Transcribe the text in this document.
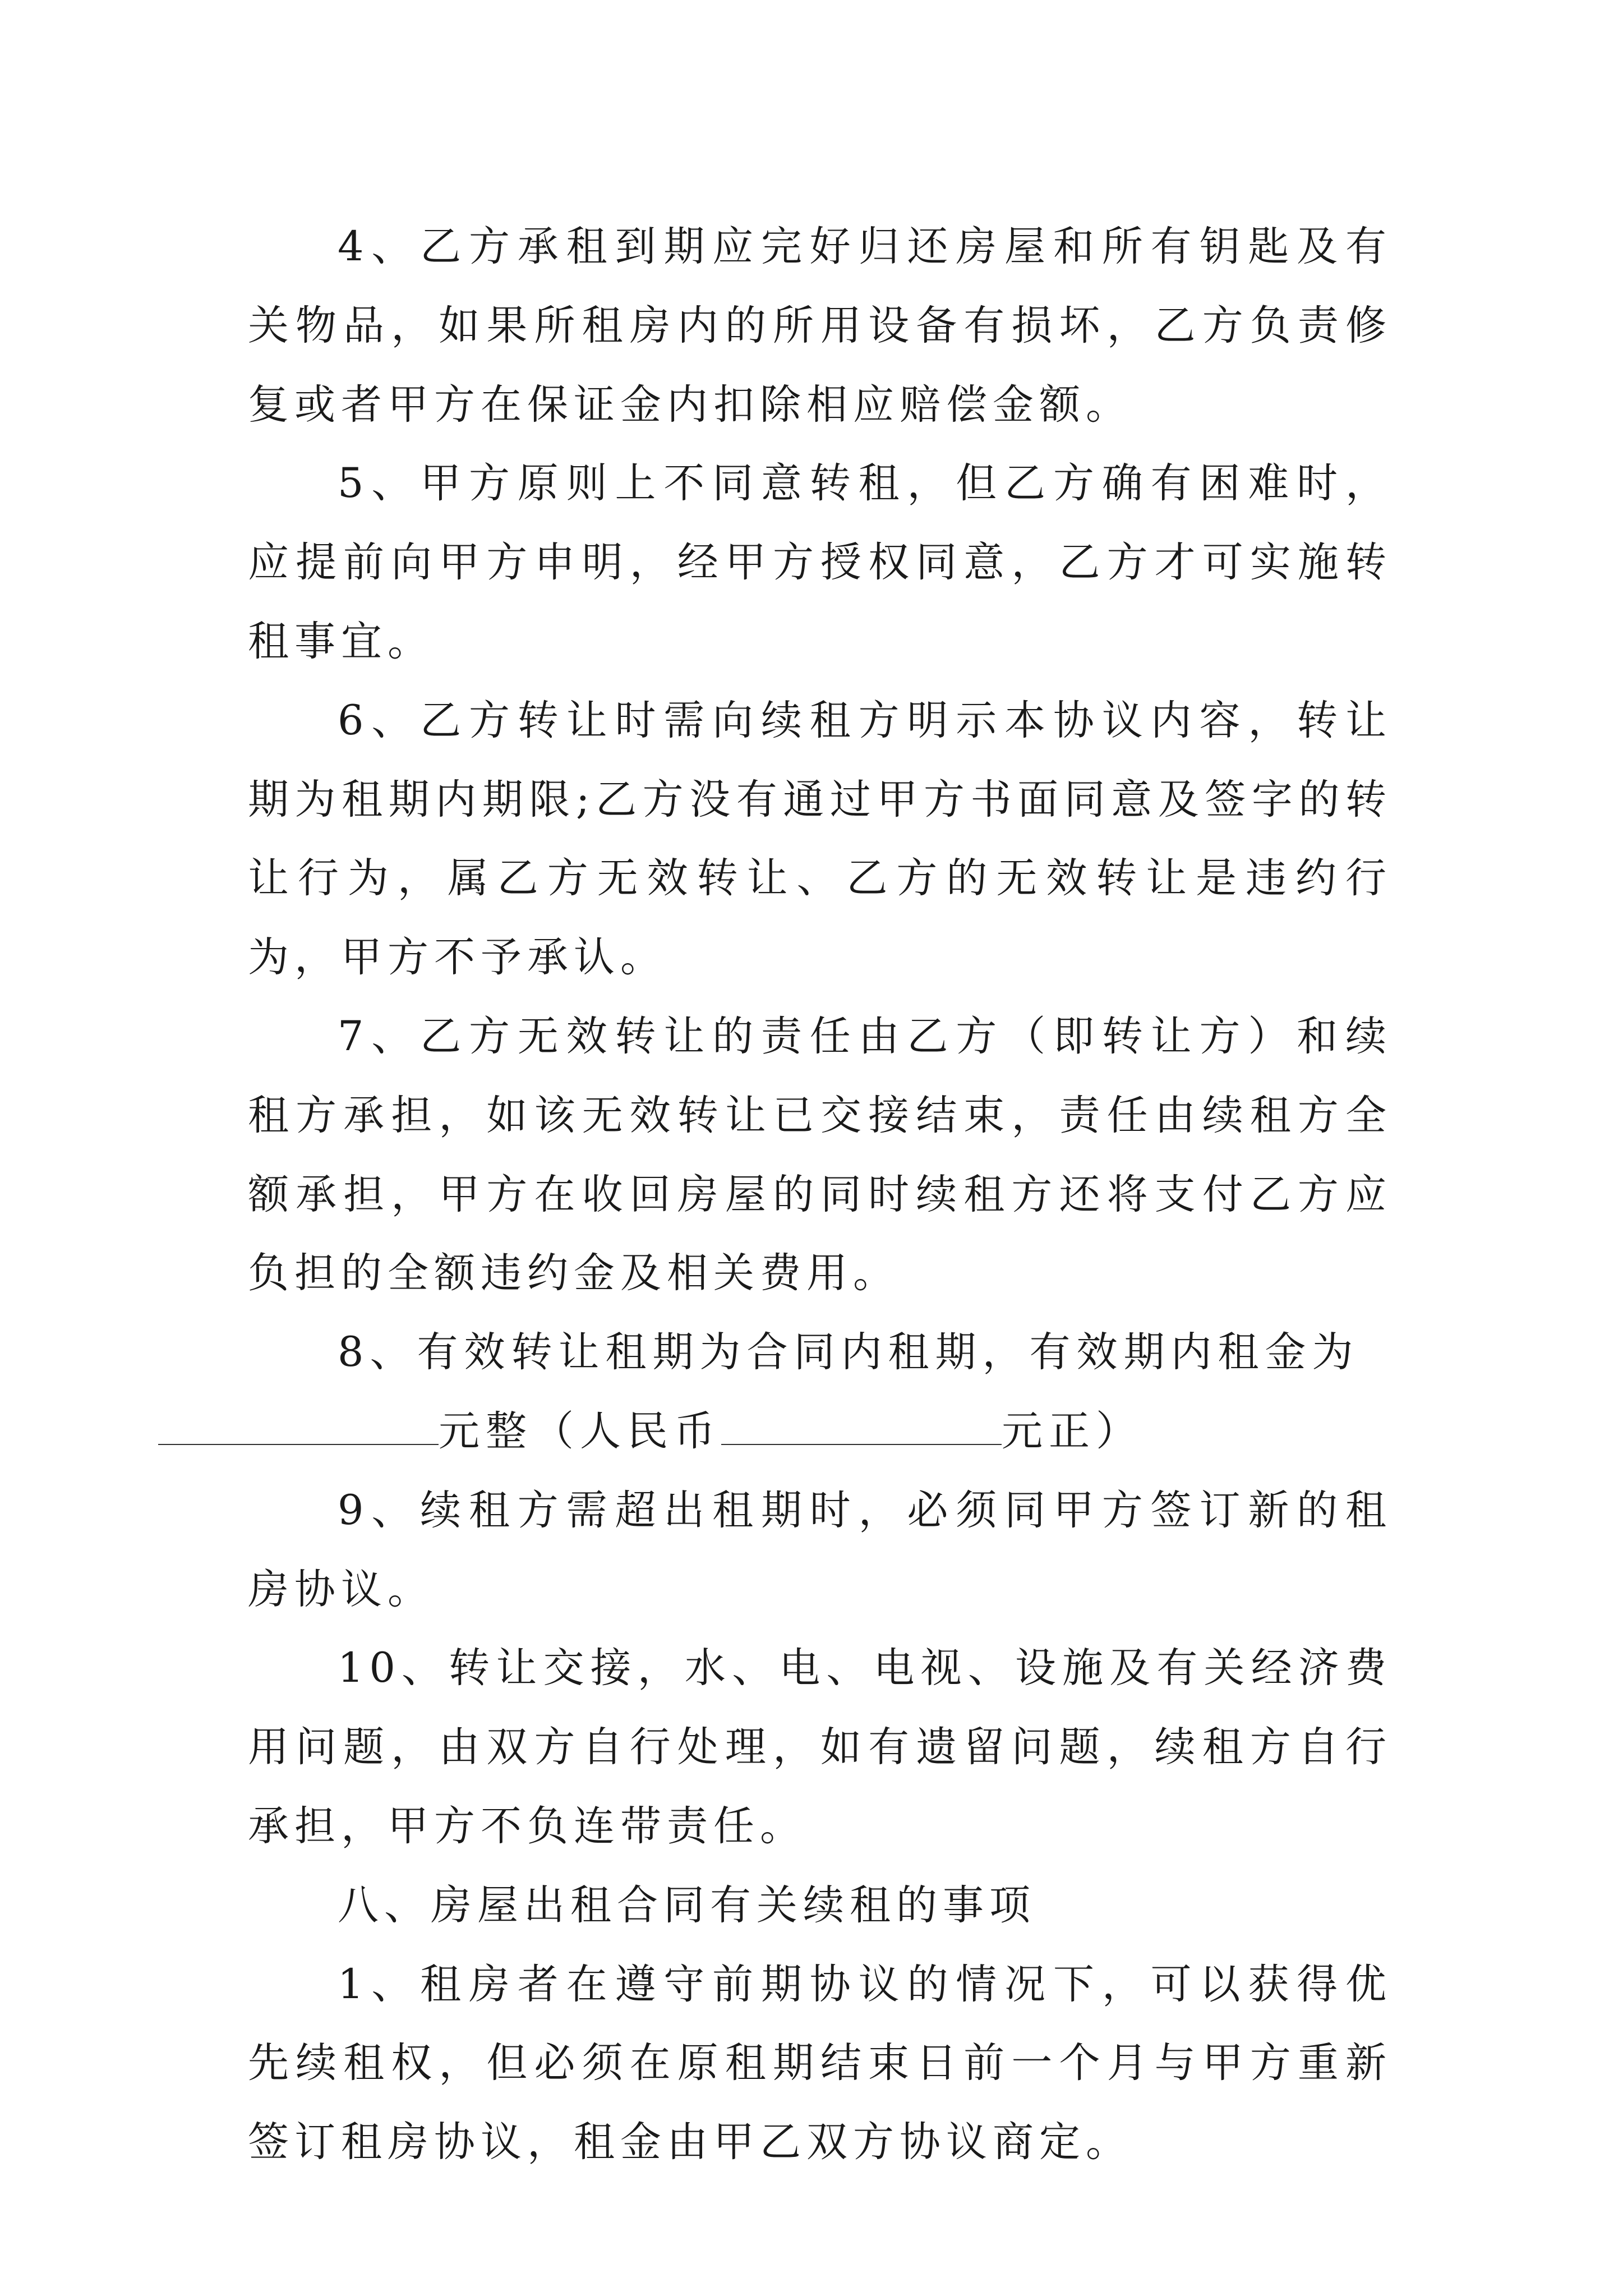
4、乙方承租到期应完好归还房屋和所有钥匙及有关物品，如果所租房内的所用设备有损坏，乙方负责修复或者甲方在保证金内扣除相应赔偿金额。

5、甲方原则上不同意转租，但乙方确有困难时，应提前向甲方申明，经甲方授权同意，乙方才可实施转租事宜。

6、乙方转让时需向续租方明示本协议内容，转让期为租期内期限;乙方没有通过甲方书面同意及签字的转让行为，属乙方无效转让、乙方的无效转让是违约行为，甲方不予承认。

7、乙方无效转让的责任由乙方（即转让方）和续租方承担，如该无效转让已交接结束，责任由续租方全额承担，甲方在收回房屋的同时续租方还将支付乙方应负担的全额违约金及相关费用。

8、有效转让租期为合同内租期，有效期内租金为
元整（人民币	元正）

9、续租方需超出租期时，必须同甲方签订新的租房协议。

10、转让交接，水、电、电视、设施及有关经济费用问题，由双方自行处理，如有遗留问题，续租方自行承担，甲方不负连带责任。

八、房屋出租合同有关续租的事项

1、租房者在遵守前期协议的情况下，可以获得优先续租权，但必须在原租期结束日前一个月与甲方重新签订租房协议，租金由甲乙双方协议商定。
